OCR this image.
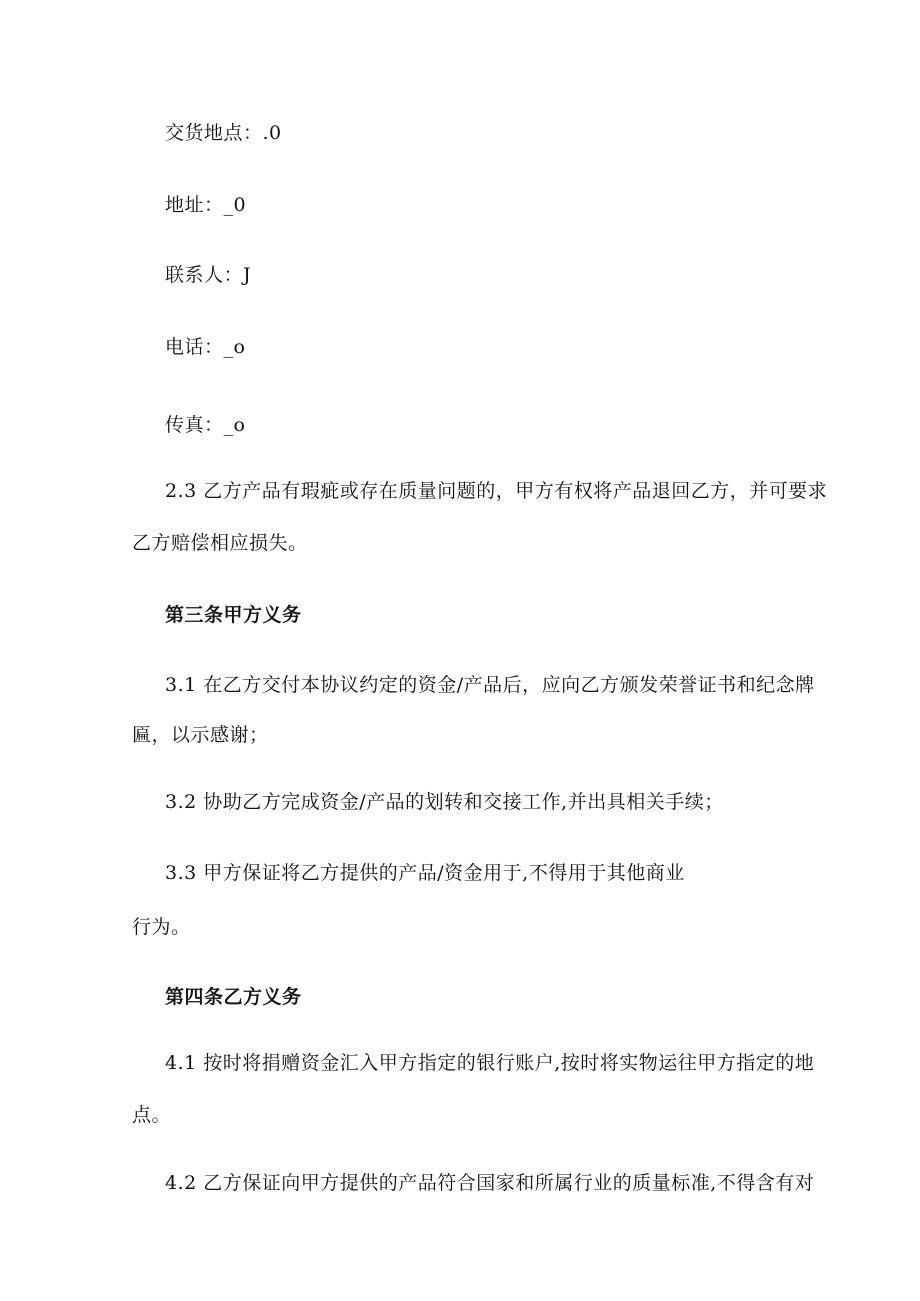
交货地点：.0
地址：_0
联系人：J
电话：_o
传真：_o
2.3 乙方产品有瑕疵或存在质量问题的，甲方有权将产品退回乙方，并可要求
乙方赔偿相应损失。
第三条甲方义务
3.1 在乙方交付本协议约定的资金/产品后，应向乙方颁发荣誉证书和纪念牌
匾，以示感谢；
3.2 协助乙方完成资金/产品的划转和交接工作,并出具相关手续；
3.3 甲方保证将乙方提供的产品/资金用于,不得用于其他商业
行为。
第四条乙方义务
4.1 按时将捐赠资金汇入甲方指定的银行账户,按时将实物运往甲方指定的地
点。
4.2 乙方保证向甲方提供的产品符合国家和所属行业的质量标准,不得含有对
